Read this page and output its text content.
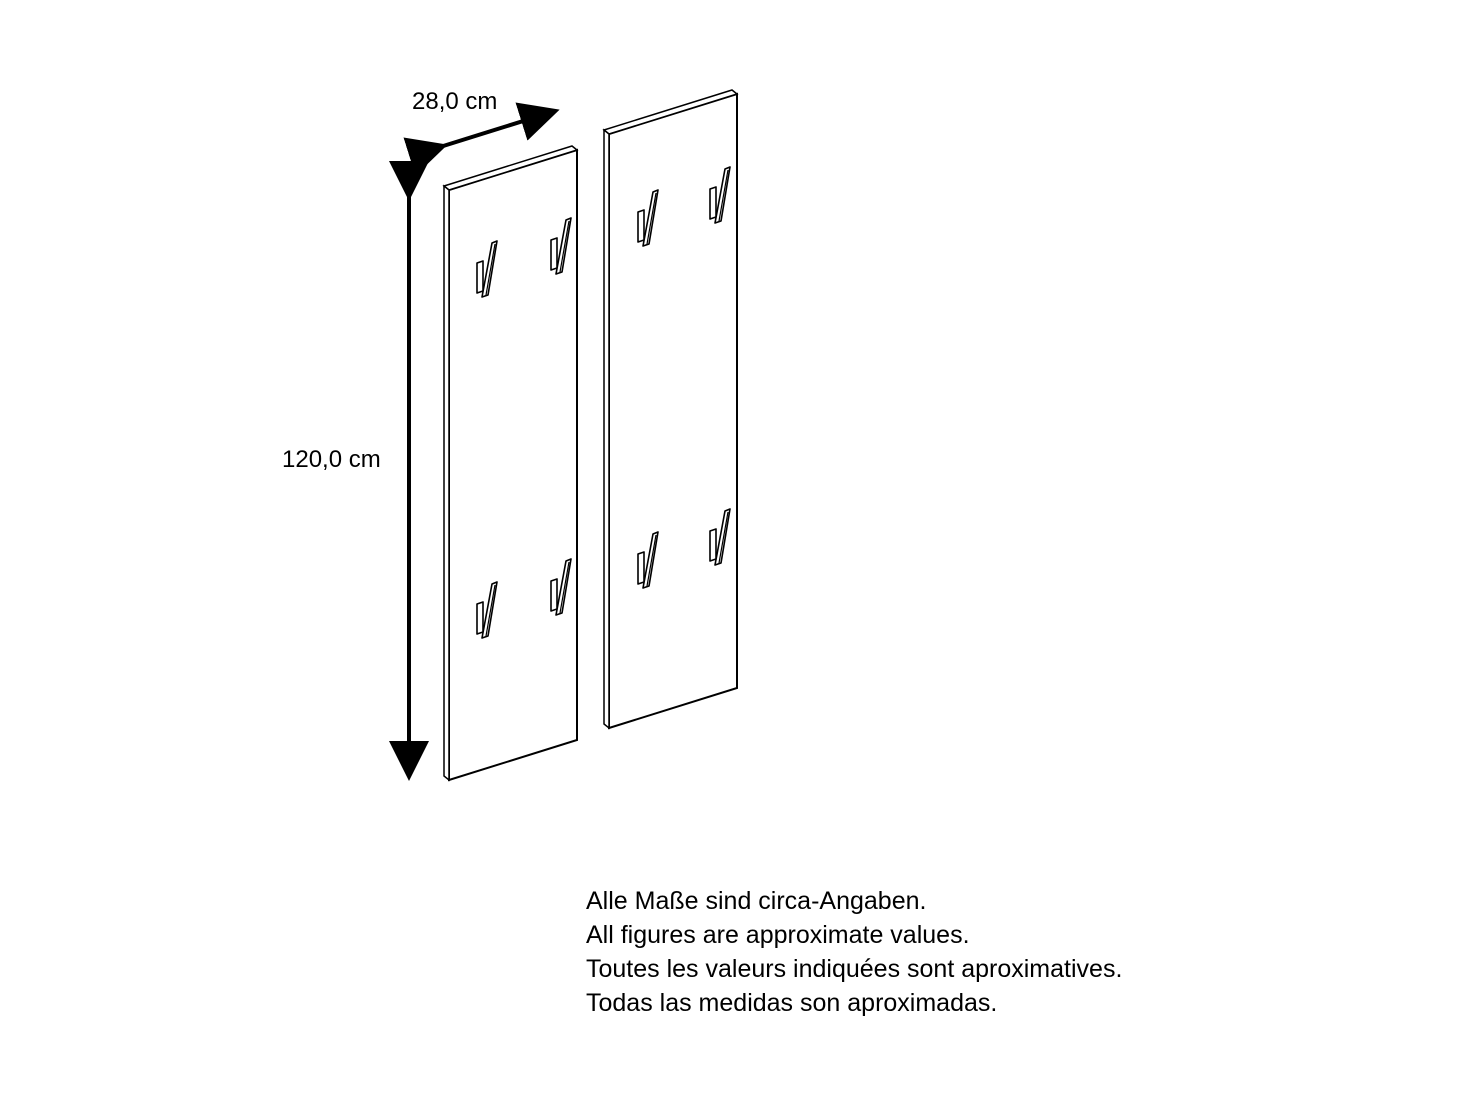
28,0 cm
120,0 cm
Alle Maße sind circa-Angaben.
All figures are approximate values.
Toutes les valeurs indiquées sont aproximatives.
Todas las medidas son aproximadas.
